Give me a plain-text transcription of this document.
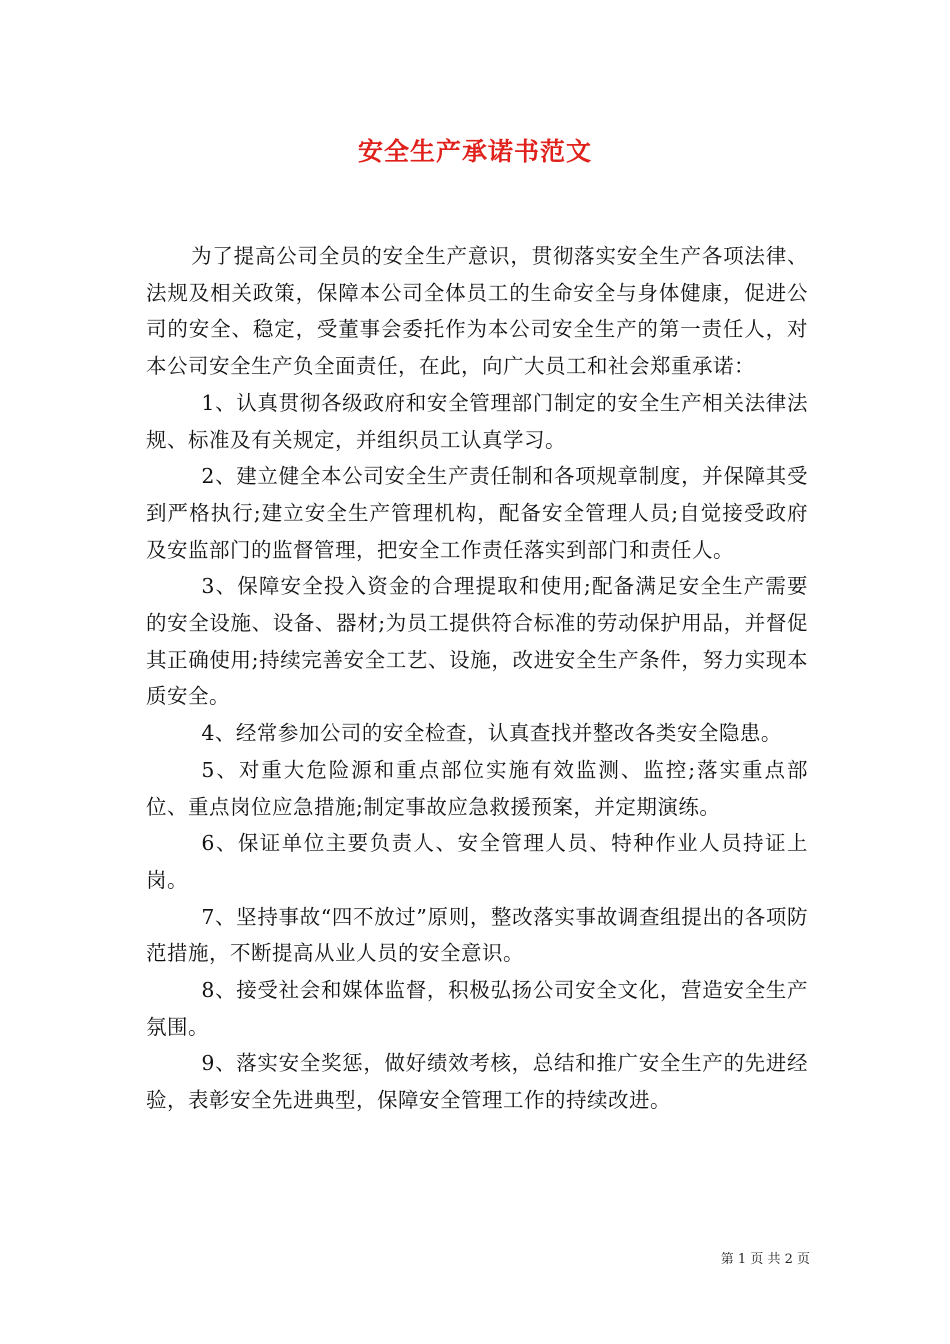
安全生产承诺书范文

为了提高公司全员的安全生产意识，贯彻落实安全生产各项法律、法规及相关政策，保障本公司全体员工的生命安全与身体健康，促进公司的安全、稳定，受董事会委托作为本公司安全生产的第一责任人，对本公司安全生产负全面责任，在此，向广大员工和社会郑重承诺：

1、认真贯彻各级政府和安全管理部门制定的安全生产相关法律法规、标准及有关规定，并组织员工认真学习。

2、建立健全本公司安全生产责任制和各项规章制度，并保障其受到严格执行;建立安全生产管理机构，配备安全管理人员;自觉接受政府及安监部门的监督管理，把安全工作责任落实到部门和责任人。

3、保障安全投入资金的合理提取和使用;配备满足安全生产需要的安全设施、设备、器材;为员工提供符合标准的劳动保护用品，并督促其正确使用;持续完善安全工艺、设施，改进安全生产条件，努力实现本质安全。

4、经常参加公司的安全检查，认真查找并整改各类安全隐患。

5、对重大危险源和重点部位实施有效监测、监控;落实重点部位、重点岗位应急措施;制定事故应急救援预案，并定期演练。

6、保证单位主要负责人、安全管理人员、特种作业人员持证上岗。

7、坚持事故“四不放过”原则，整改落实事故调查组提出的各项防范措施，不断提高从业人员的安全意识。

8、接受社会和媒体监督，积极弘扬公司安全文化，营造安全生产氛围。

9、落实安全奖惩，做好绩效考核，总结和推广安全生产的先进经验，表彰安全先进典型，保障安全管理工作的持续改进。

第 1 页 共 2 页
